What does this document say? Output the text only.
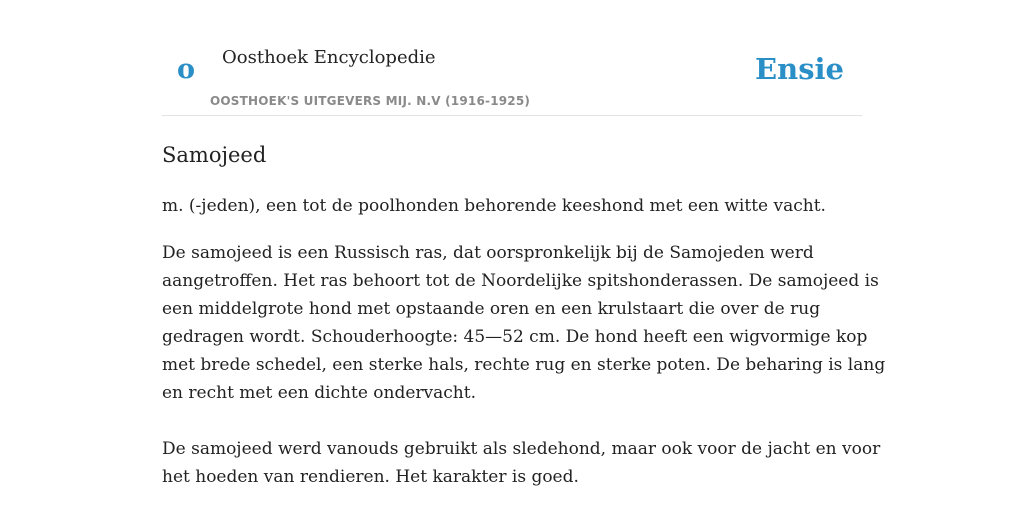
o Oosthoek Encyclopedie
OOSTHOEK'S UITGEVERS MIJ. N.V (1916-1925)
Ensie
Samojeed

m. (-jeden), een tot de poolhonden behorende keeshond met een witte vacht.

De samojeed is een Russisch ras, dat oorspronkelijk bij de Samojeden werd
aangetroffen. Het ras behoort tot de Noordelijke spitshonderassen. De samojeed is
een middelgrote hond met opstaande oren en een krulstaart die over de rug
gedragen wordt. Schouderhoogte: 45—52 cm. De hond heeft een wigvormige kop
met brede schedel, een sterke hals, rechte rug en sterke poten. De beharing is lang
en recht met een dichte ondervacht.
De samojeed werd vanouds gebruikt als sledehond, maar ook voor de jacht en voor
het hoeden van rendieren. Het karakter is goed.
